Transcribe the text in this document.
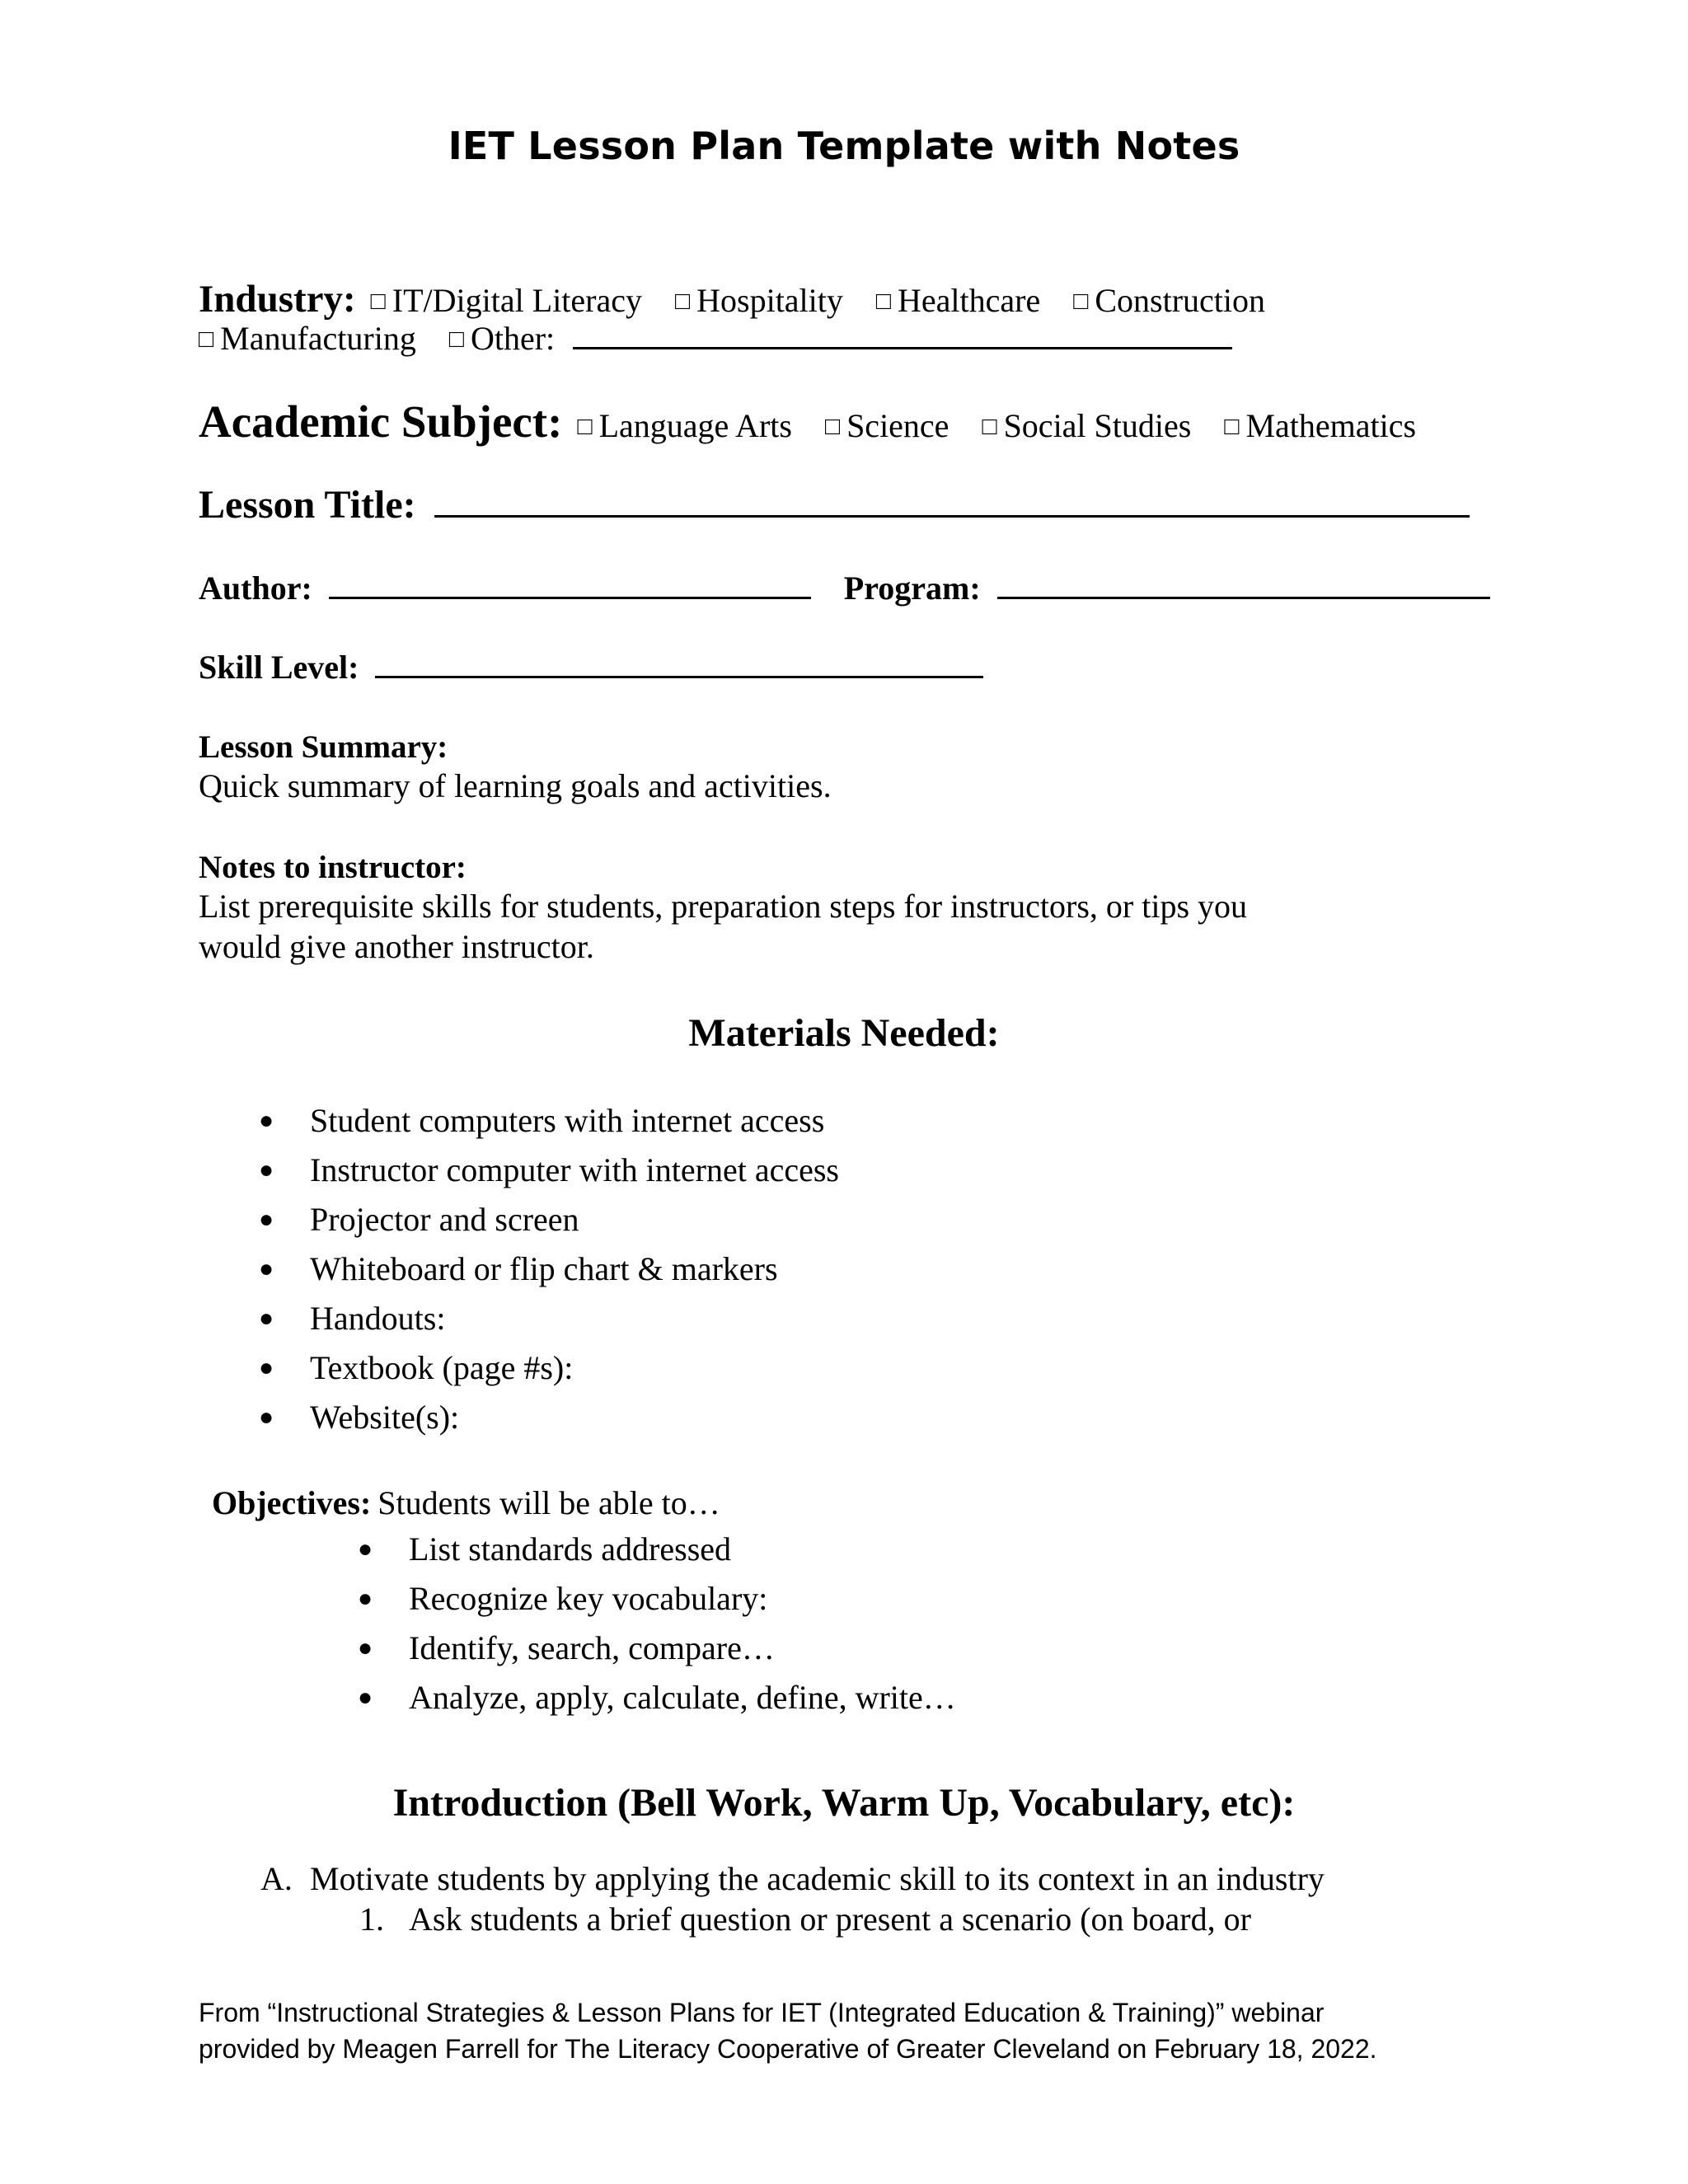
IET Lesson Plan Template with Notes
Industry: □ IT/Digital Literacy □ Hospitality □ Healthcare □ Construction
□ Manufacturing □ Other:
Academic Subject: □ Language Arts □ Science □ Social Studies □ Mathematics
Lesson Title:
Author:	Program:
Skill Level:
Lesson Summary:
Quick summary of learning goals and activities.
Notes to instructor:
List prerequisite skills for students, preparation steps for instructors, or tips you
would give another instructor.
Materials Needed:
● Student computers with internet access
● Instructor computer with internet access
● Projector and screen
● Whiteboard or flip chart & markers
● Handouts:
● Textbook (page #s):
● Website(s):
Objectives: Students will be able to…
● List standards addressed
● Recognize key vocabulary:
● Identify, search, compare…
● Analyze, apply, calculate, define, write…
Introduction (Bell Work, Warm Up, Vocabulary, etc):
A. Motivate students by applying the academic skill to its context in an industry
1. Ask students a brief question or present a scenario (on board, or
From “Instructional Strategies & Lesson Plans for IET (Integrated Education & Training)” webinar
provided by Meagen Farrell for The Literacy Cooperative of Greater Cleveland on February 18, 2022.
